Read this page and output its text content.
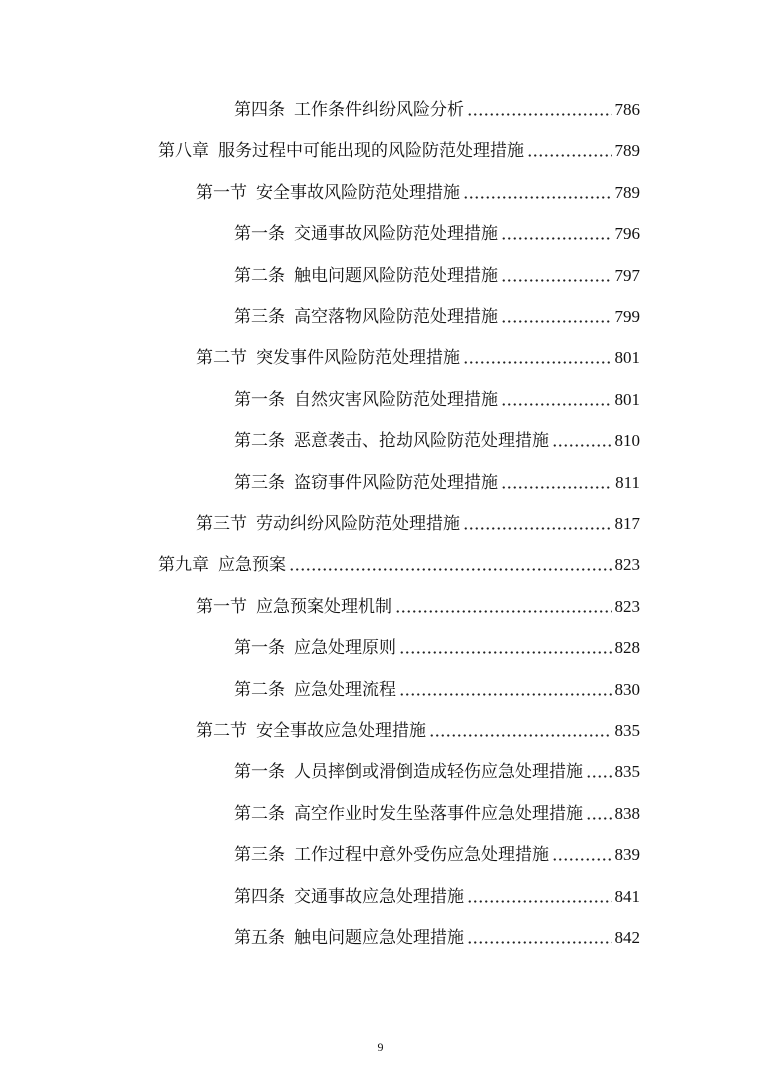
第四条 工作条件纠纷风险分析	786
第八章 服务过程中可能出现的风险防范处理措施	789
第一节 安全事故风险防范处理措施	789
第一条 交通事故风险防范处理措施	796
第二条 触电问题风险防范处理措施	797
第三条 高空落物风险防范处理措施	799
第二节 突发事件风险防范处理措施	801
第一条 自然灾害风险防范处理措施	801
第二条 恶意袭击、抢劫风险防范处理措施	810
第三条 盗窃事件风险防范处理措施	811
第三节 劳动纠纷风险防范处理措施	817
第九章 应急预案	823
第一节 应急预案处理机制	823
第一条 应急处理原则	828
第二条 应急处理流程	830
第二节 安全事故应急处理措施	835
第一条 人员摔倒或滑倒造成轻伤应急处理措施 835
第二条 高空作业时发生坠落事件应急处理措施 838
第三条 工作过程中意外受伤应急处理措施	839
第四条 交通事故应急处理措施	841
第五条 触电问题应急处理措施	842
9
